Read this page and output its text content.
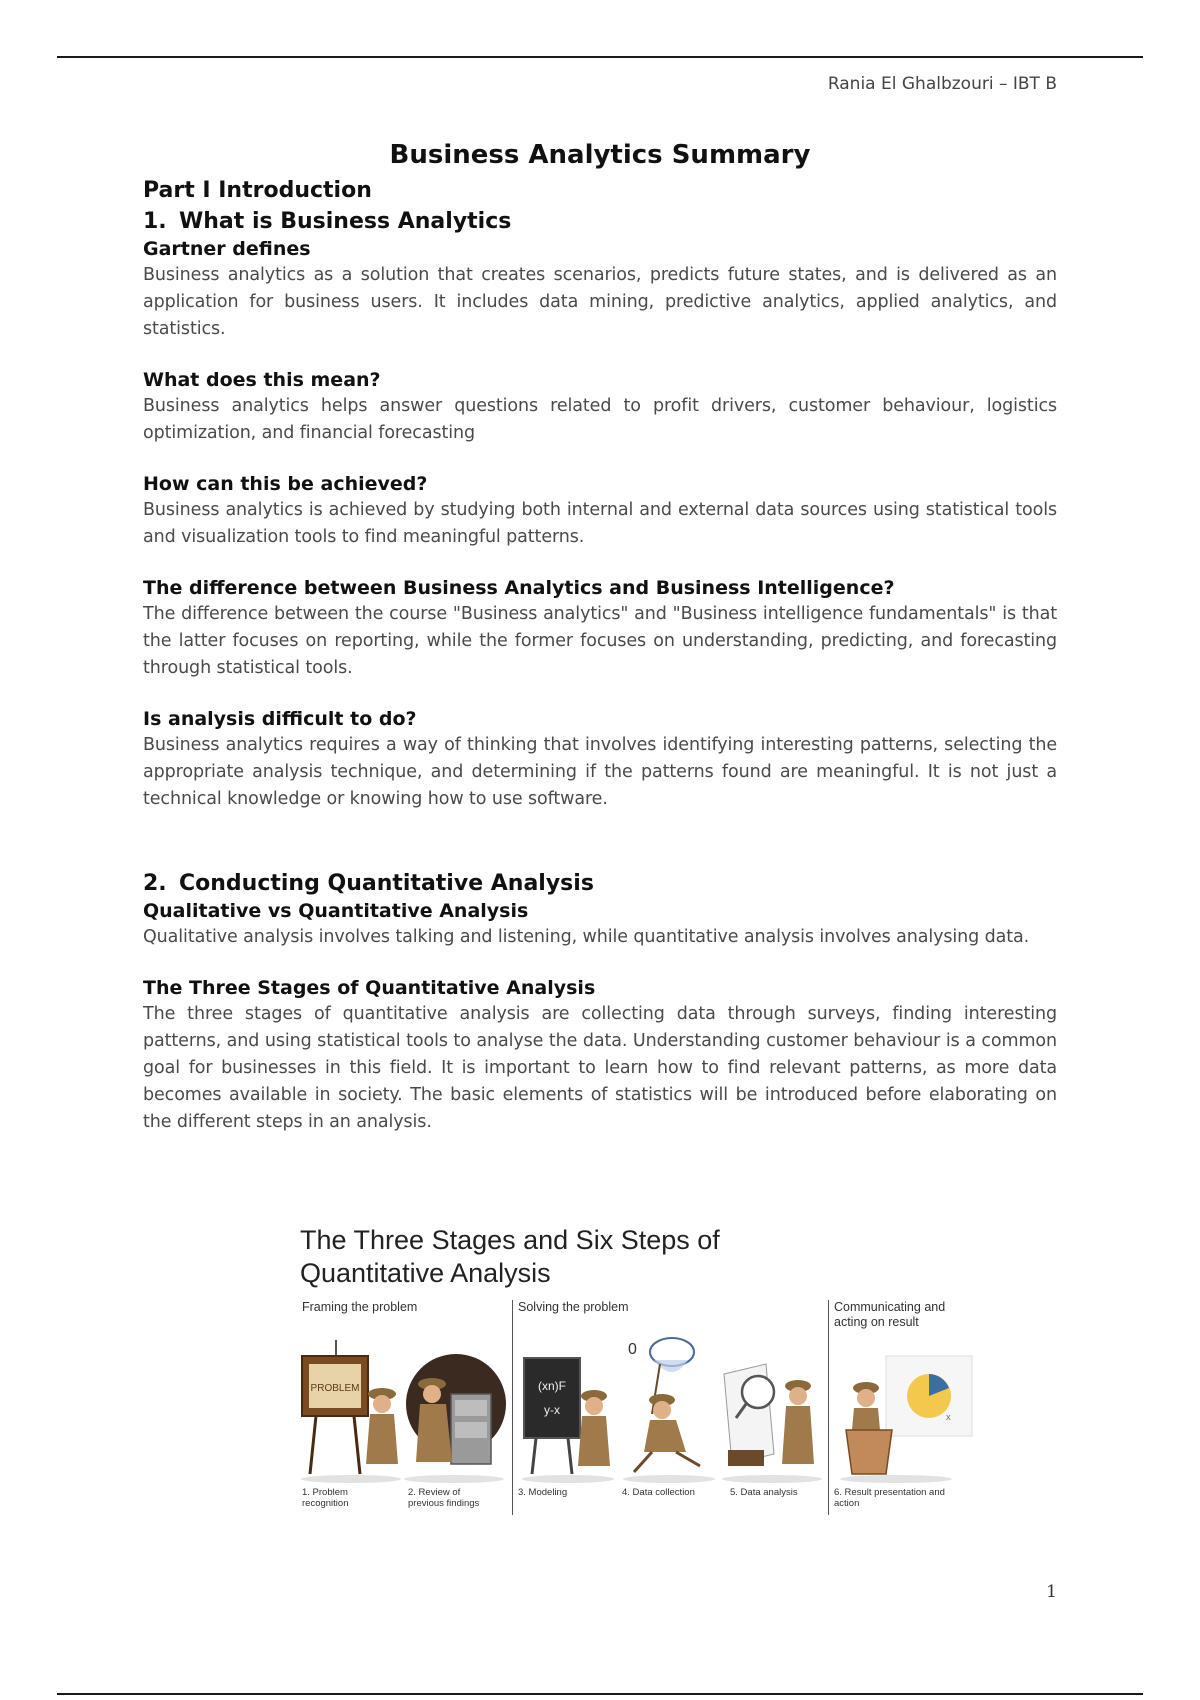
Rania El Ghalbzouri – IBT B
Business Analytics Summary
Part I Introduction
1. What is Business Analytics
Gartner defines

Business analytics as a solution that creates scenarios, predicts future states, and is delivered as an application for business users. It includes data mining, predictive analytics, applied analytics, and statistics.

What does this mean?

Business analytics helps answer questions related to profit drivers, customer behaviour, logistics optimization, and financial forecasting

How can this be achieved?

Business analytics is achieved by studying both internal and external data sources using statistical tools and visualization tools to find meaningful patterns.

The difference between Business Analytics and Business Intelligence?

The difference between the course "Business analytics" and "Business intelligence fundamentals" is that the latter focuses on reporting, while the former focuses on understanding, predicting, and forecasting through statistical tools.

Is analysis difficult to do?

Business analytics requires a way of thinking that involves identifying interesting patterns, selecting the appropriate analysis technique, and determining if the patterns found are meaningful. It is not just a technical knowledge or knowing how to use software.

2. Conducting Quantitative Analysis
Qualitative vs Quantitative Analysis

Qualitative analysis involves talking and listening, while quantitative analysis involves analysing data.

The Three Stages of Quantitative Analysis

The three stages of quantitative analysis are collecting data through surveys, finding interesting patterns, and using statistical tools to analyse the data. Understanding customer behaviour is a common goal for businesses in this field. It is important to learn how to find relevant patterns, as more data becomes available in society. The basic elements of statistics will be introduced before elaborating on the different steps in an analysis.

The Three Stages and Six Steps of
Quantitative Analysis
Framing the problem	Solving the problem	Communicating and acting on result
PROBLEM	(xn)F
y-x
0
X
1. Problem recognition
2. Review of previous findings
3. Modeling	4. Data collection	5. Data analysis	6. Result presentation and action
1
